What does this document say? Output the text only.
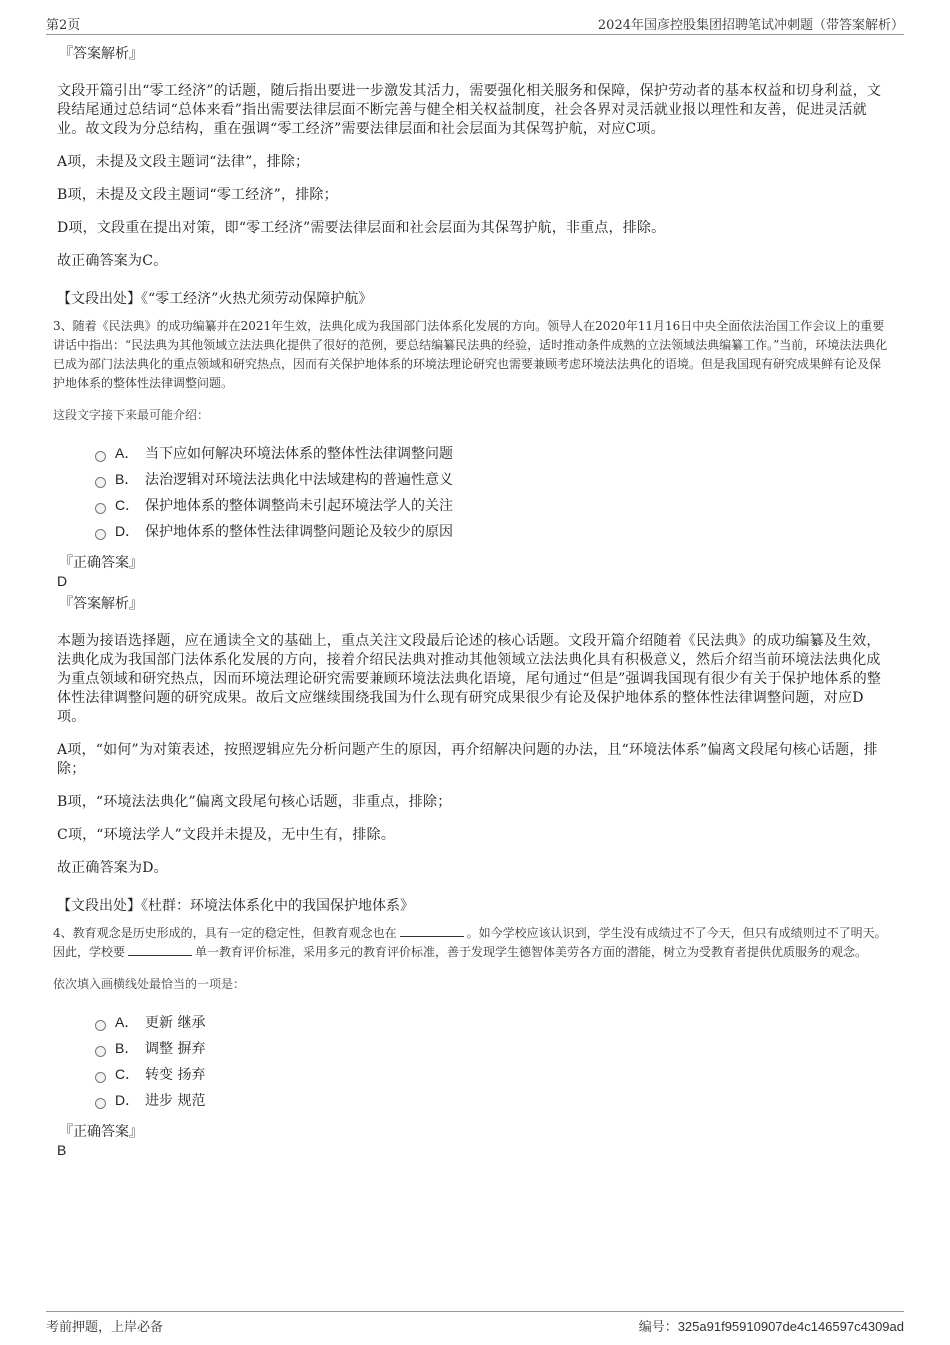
第2页	2024年国彦控股集团招聘笔试冲刺题（带答案解析）
『答案解析』
文段开篇引出“零工经济”的话题，随后指出要进一步激发其活力，需要强化相关服务和保障，保护劳动者的基本权益和切身利益，文段结尾通过总结词“总体来看”指出需要法律层面不断完善与健全相关权益制度，社会各界对灵活就业报以理性和友善，促进灵活就业。故文段为分总结构，重在强调“零工经济”需要法律层面和社会层面为其保驾护航，对应C项。
A项，未提及文段主题词“法律”，排除；
B项，未提及文段主题词“零工经济”，排除；
D项，文段重在提出对策，即“零工经济”需要法律层面和社会层面为其保驾护航，非重点，排除。
故正确答案为C。
【文段出处】《“零工经济”火热尤须劳动保障护航》
3、随着《民法典》的成功编纂并在2021年生效，法典化成为我国部门法体系化发展的方向。领导人在2020年11月16日中央全面依法治国工作会议上的重要讲话中指出：“民法典为其他领域立法法典化提供了很好的范例，要总结编纂民法典的经验，适时推动条件成熟的立法领域法典编纂工作。”当前，环境法法典化已成为部门法法典化的重点领域和研究热点，因而有关保护地体系的环境法理论研究也需要兼顾考虑环境法法典化的语境。但是我国现有研究成果鲜有论及保护地体系的整体性法律调整问题。
这段文字接下来最可能介绍：
A． 当下应如何解决环境法体系的整体性法律调整问题
B． 法治逻辑对环境法法典化中法域建构的普遍性意义
C． 保护地体系的整体调整尚未引起环境法学人的关注
D． 保护地体系的整体性法律调整问题论及较少的原因
『正确答案』
D
『答案解析』
本题为接语选择题，应在通读全文的基础上，重点关注文段最后论述的核心话题。文段开篇介绍随着《民法典》的成功编纂及生效，法典化成为我国部门法体系化发展的方向，接着介绍民法典对推动其他领域立法法典化具有积极意义，然后介绍当前环境法法典化成为重点领域和研究热点，因而环境法理论研究需要兼顾环境法法典化语境，尾句通过“但是”强调我国现有很少有关于保护地体系的整体性法律调整问题的研究成果。故后文应继续围绕我国为什么现有研究成果很少有论及保护地体系的整体性法律调整问题，对应D项。
A项，“如何”为对策表述，按照逻辑应先分析问题产生的原因，再介绍解决问题的办法，且“环境法体系”偏离文段尾句核心话题，排除；
B项，“环境法法典化”偏离文段尾句核心话题，非重点，排除；
C项，“环境法学人”文段并未提及，无中生有，排除。
故正确答案为D。
【文段出处】《杜群：环境法体系化中的我国保护地体系》
4、教育观念是历史形成的，具有一定的稳定性，但教育观念也在	。如今学校应该认识到，学生没有成绩过不了今天，但只有成绩则过不了明天。因此，学校要	单一教育评价标准，采用多元的教育评价标准，善于发现学生德智体美劳各方面的潜能，树立为受教育者提供优质服务的观念。
依次填入画横线处最恰当的一项是：
A． 更新 继承
B． 调整 摒弃
C． 转变 扬弃
D． 进步 规范
『正确答案』
B
考前押题，上岸必备	编号：325a91f95910907de4c146597c4309ad
